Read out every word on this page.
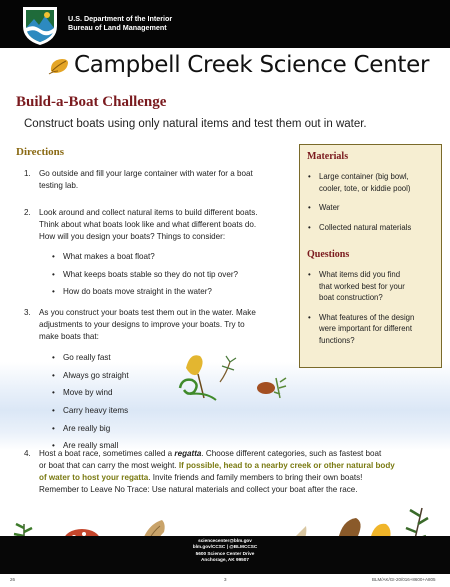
U.S. Department of the Interior
Bureau of Land Management
Campbell Creek Science Center
Build-a-Boat Challenge
Construct boats using only natural items and test them out in water.
Directions
1. Go outside and fill your large container with water for a boat
testing lab.
2. Look around and collect natural items to build different boats.
Think about what boats look like and what different boats do.
How will you design your boats? Things to consider:
• What makes a boat float?
• What keeps boats stable so they do not tip over?
• How do boats move straight in the water?
3. As you construct your boats test them out in the water. Make
adjustments to your designs to improve your boats. Try to
make boats that:
• Go really fast
• Always go straight
• Move by wind
• Carry heavy items
• Are really big
• Are really small
4. Host a boat race, sometimes called a regatta. Choose different categories, such as fastest boat
or boat that can carry the most weight. If possible, head to a nearby creek or other natural body
of water to host your regatta. Invite friends and family members to bring their own boats!
Remember to Leave No Trace: Use natural materials and collect your boat after the race.
Materials
• Large container (big bowl,
cooler, tote, or kiddie pool)
• Water
• Collected natural materials
Questions
• What items did you find
that worked best for your
boat construction?
• What features of the design
were important for different
functions?
sciencecenter@blm.gov
blm.gov/CCSC | @BLMCCSC
5600 Science Center Drive
Anchorage, AK 99507
26	3	BLM/AK/GI-20/016+8600+A805
